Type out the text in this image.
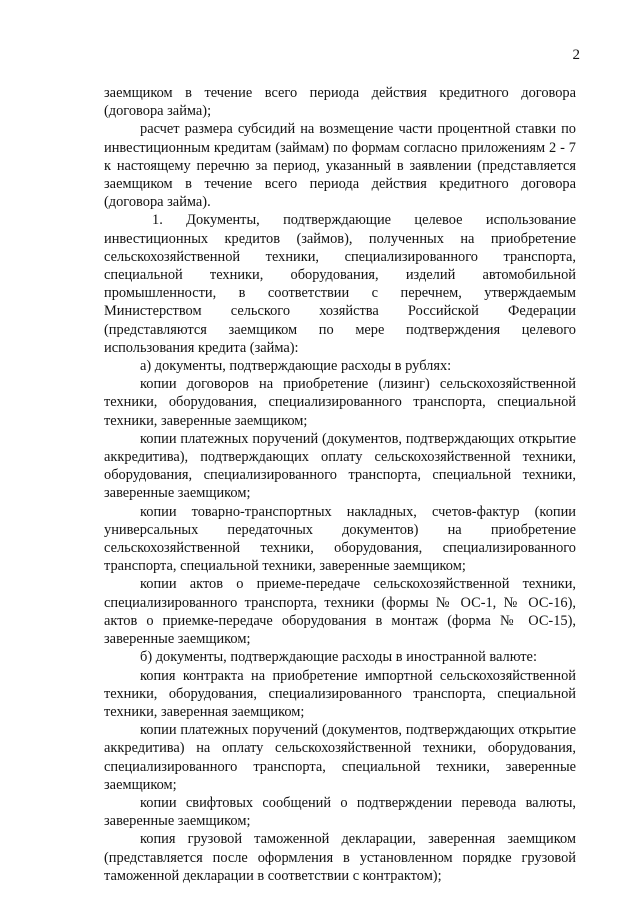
2

заемщиком в течение всего периода действия кредитного договора (договора займа);

расчет размера субсидий на возмещение части процентной ставки по инвестиционным кредитам (займам) по формам согласно приложениям 2 - 7 к настоящему перечню за период, указанный в заявлении (представляется заемщиком в течение всего периода действия кредитного договора (договора займа).

1. Документы, подтверждающие целевое использование инвестиционных кредитов (займов), полученных на приобретение сельскохозяйственной техники, специализированного транспорта, специальной техники, оборудования, изделий автомобильной промышленности, в соответствии с перечнем, утверждаемым Министерством сельского хозяйства Российской Федерации (представляются заемщиком по мере подтверждения целевого использования кредита (займа):

а) документы, подтверждающие расходы в рублях:

копии договоров на приобретение (лизинг) сельскохозяйственной техники, оборудования, специализированного транспорта, специальной техники, заверенные заемщиком;

копии платежных поручений (документов, подтверждающих открытие аккредитива), подтверждающих оплату сельскохозяйственной техники, оборудования, специализированного транспорта, специальной техники, заверенные заемщиком;

копии товарно-транспортных накладных, счетов-фактур (копии универсальных передаточных документов) на приобретение сельскохозяйственной техники, оборудования, специализированного транспорта, специальной техники, заверенные заемщиком;

копии актов о приеме-передаче сельскохозяйственной техники, специализированного транспорта, техники (формы № ОС-1, № ОС-16), актов о приемке-передаче оборудования в монтаж (форма № ОС-15), заверенные заемщиком;

б) документы, подтверждающие расходы в иностранной валюте:

копия контракта на приобретение импортной сельскохозяйственной техники, оборудования, специализированного транспорта, специальной техники, заверенная заемщиком;

копии платежных поручений (документов, подтверждающих открытие аккредитива) на оплату сельскохозяйственной техники, оборудования, специализированного транспорта, специальной техники, заверенные заемщиком;

копии свифтовых сообщений о подтверждении перевода валюты, заверенные заемщиком;

копия грузовой таможенной декларации, заверенная заемщиком (представляется после оформления в установленном порядке грузовой таможенной декларации в соответствии с контрактом);
